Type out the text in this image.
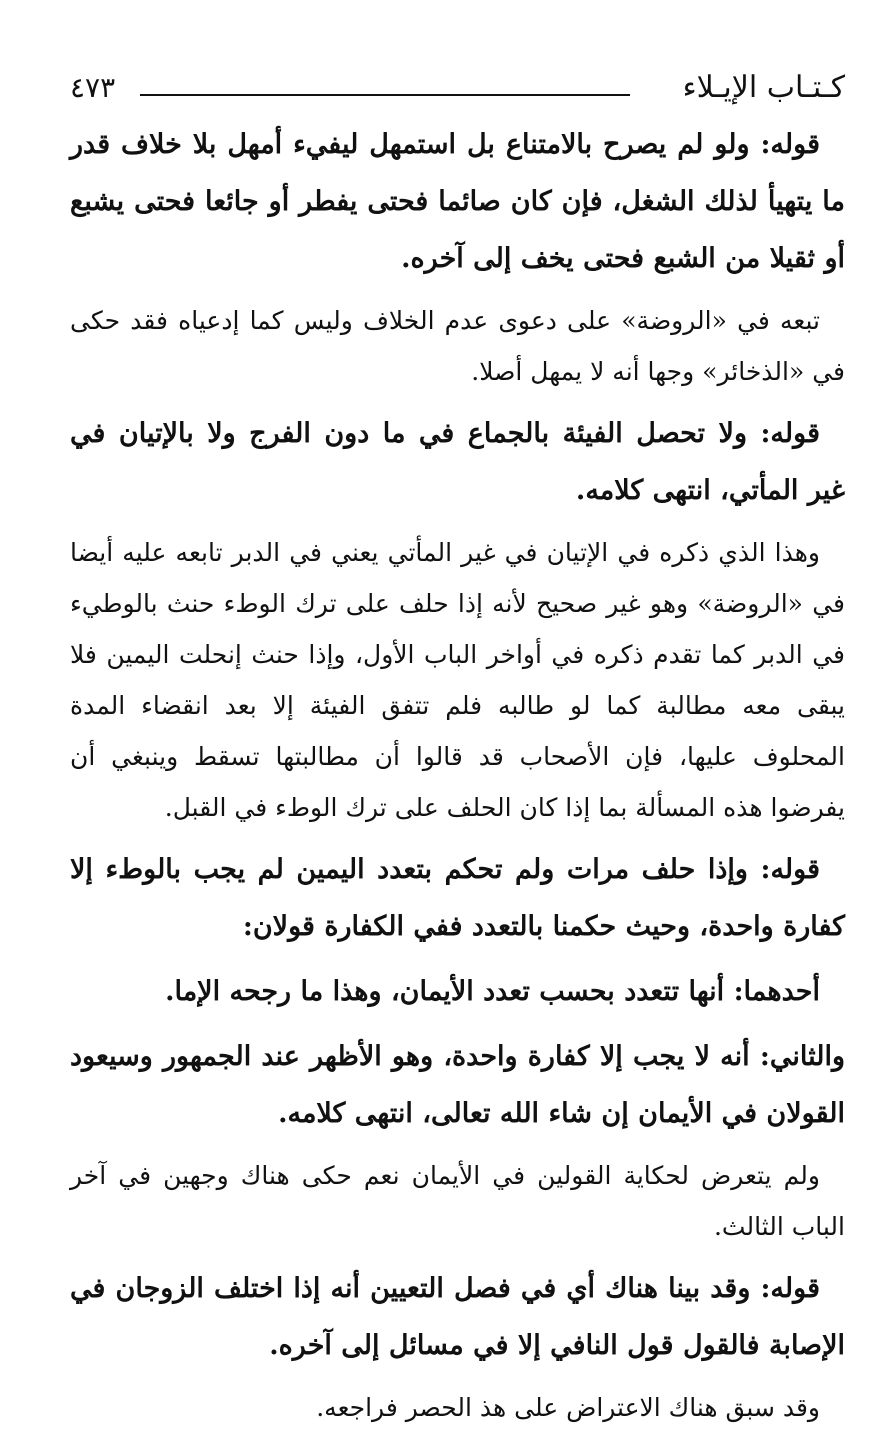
كـتـاب الإيـلاء
٤٧٣

قوله: ولو لم يصرح بالامتناع بل استمهل ليفيء أمهل بلا خلاف قدر ما يتهيأ لذلك الشغل، فإن كان صائما فحتى يفطر أو جائعا فحتى يشبع أو ثقيلا من الشبع فحتى يخف إلى آخره.

تبعه في «الروضة» على دعوى عدم الخلاف وليس كما إدعياه فقد حكى في «الذخائر» وجها أنه لا يمهل أصلا.

قوله: ولا تحصل الفيئة بالجماع في ما دون الفرج ولا بالإتيان في غير المأتي، انتهى كلامه.

وهذا الذي ذكره في الإتيان في غير المأتي يعني في الدبر تابعه عليه أيضا في «الروضة» وهو غير صحيح لأنه إذا حلف على ترك الوطء حنث بالوطيء في الدبر كما تقدم ذكره في أواخر الباب الأول، وإذا حنث إنحلت اليمين فلا يبقى معه مطالبة كما لو طالبه فلم تتفق الفيئة إلا بعد انقضاء المدة المحلوف عليها، فإن الأصحاب قد قالوا أن مطالبتها تسقط وينبغي أن يفرضوا هذه المسألة بما إذا كان الحلف على ترك الوطء في القبل.

قوله: وإذا حلف مرات ولم تحكم بتعدد اليمين لم يجب بالوطء إلا كفارة واحدة، وحيث حكمنا بالتعدد ففي الكفارة قولان:

أحدهما: أنها تتعدد بحسب تعدد الأيمان، وهذا ما رجحه الإما.

والثاني: أنه لا يجب إلا كفارة واحدة، وهو الأظهر عند الجمهور وسيعود القولان في الأيمان إن شاء الله تعالى، انتهى كلامه.

ولم يتعرض لحكاية القولين في الأيمان نعم حكى هناك وجهين في آخر الباب الثالث.

قوله: وقد بينا هناك أي في فصل التعيين أنه إذا اختلف الزوجان في الإصابة فالقول قول النافي إلا في مسائل إلى آخره.

وقد سبق هناك الاعتراض على هذ الحصر فراجعه.
